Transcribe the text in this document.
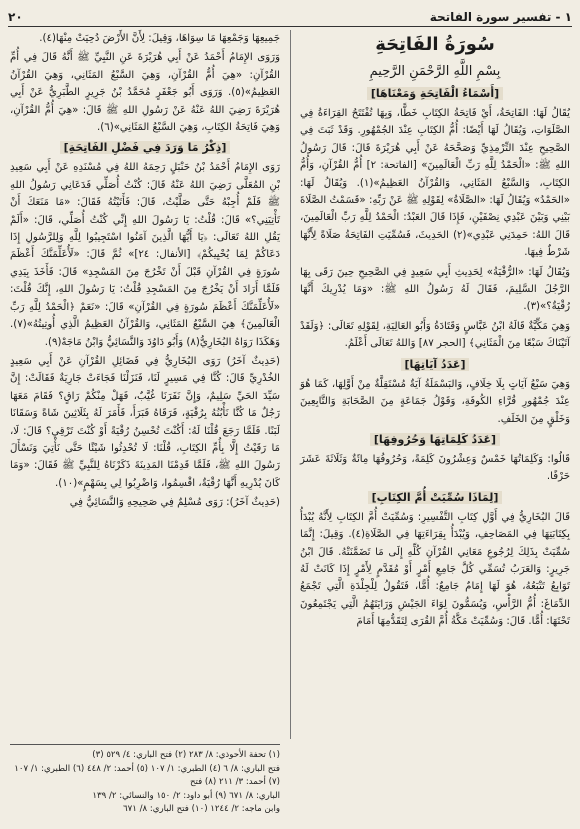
١ - تفسير سورة الفاتحة
٢٠
سُورَةُ الفَاتِحَةِ
بِسْمِ اللَّهِ الرَّحْمَنِ الرَّحِيمِ
[أَسْمَاءُ الْفَاتِحَةِ وَمَعْنَاهَا]

يُقَالُ لَهَا: الفَاتِحَةُ، أَيْ فَاتِحَةُ الكِتَابِ خَطًّا، وَبِهَا تُفْتَتَحُ القِرَاءَةُ فِي الصَّلَوَاتِ، وَيُقَالُ لَهَا أَيْضًا: أُمُّ الكِتَابِ عِنْدَ الجُمْهُورِ. وَقَدْ ثَبَتَ فِي الصَّحِيحِ عِنْدَ التِّرْمِذِيِّ وَصَحَّحَهُ عَنْ أَبِي هُرَيْرَةَ قَالَ: قَالَ رَسُولُ اللهِ ﷺ: «الْحَمْدُ لِلَّهِ رَبِّ الْعَالَمِينَ» [الفاتحة: ٢] أُمُّ القُرْآنِ، وَأُمُّ الكِتَابِ، وَالسَّبْعُ المَثَانِي، وَالقُرْآنُ العَظِيمُ»(١). وَيُقَالُ لَهَا: «الحَمْدُ» وَيُقَالُ لَهَا: «الصَّلَاةُ» لِقَوْلِهِ ﷺ عَنْ رَبِّهِ: «قَسَمْتُ الصَّلَاةَ بَيْنِي وَبَيْنَ عَبْدِي نِصْفَيْنِ، فَإِذَا قَالَ العَبْدُ: الْحَمْدُ لِلَّهِ رَبِّ الْعَالَمِينَ، قَالَ اللهُ: حَمِدَنِي عَبْدِي»(٢) الحَدِيثَ، فَسُمِّيَتِ الفَاتِحَةُ صَلَاةً لِأَنَّهَا شَرْطٌ فِيهَا.

وَيُقَالُ لَهَا: «الرُّقْيَةُ» لِحَدِيثِ أَبِي سَعِيدٍ فِي الصَّحِيحِ حِينَ رَقَى بِهَا الرَّجُلَ السَّلِيمَ، فَقَالَ لَهُ رَسُولُ اللهِ ﷺ: «وَمَا يُدْرِيكَ أَنَّهَا رُقْيَةٌ؟»(٣).

وَهِيَ مَكِّيَّةٌ قَالَهُ ابْنُ عَبَّاسٍ وَقَتَادَةُ وَأَبُو العَالِيَةِ، لِقَوْلِهِ تَعَالَى: ﴿وَلَقَدْ آتَيْنَاكَ سَبْعًا مِنَ الْمَثَانِي﴾ [الحجر ٨٧] وَاللهُ تَعَالَى أَعْلَمُ.

[عَدَدُ آيَاتِهَا]

وَهِيَ سَبْعُ آيَاتٍ بِلَا خِلَافٍ، وَالبَسْمَلَةُ آيَةٌ مُسْتَقِلَّةٌ مِنْ أَوَّلِهَا، كَمَا هُوَ عِنْدَ جُمْهُورِ قُرَّاءِ الكُوفَةِ، وَقَوْلُ جَمَاعَةٍ مِنَ الصَّحَابَةِ وَالتَّابِعِينَ وَخَلْقٍ مِنَ الخَلَفِ.

[عَدَدُ كَلِمَاتِهَا وَحُرُوفِهَا]

قَالُوا: وَكَلِمَاتُهَا خَمْسٌ وَعِشْرُونَ كَلِمَةً، وَحُرُوفُهَا مِائَةٌ وَثَلَاثَةَ عَشَرَ حَرْفًا.

[لِمَاذَا سُمِّيَتْ أُمَّ الكِتَابِ]

قَالَ البُخَارِيُّ فِي أَوَّلِ كِتَابِ التَّفْسِيرِ: وَسُمِّيَتْ أُمَّ الكِتَابِ لِأَنَّهُ يُبْدَأُ بِكِتَابَتِهَا فِي المَصَاحِفِ، وَيُبْدَأُ بِقِرَاءَتِهَا فِي الصَّلَاةِ(٤). وَقِيلَ: إِنَّمَا سُمِّيَتْ بِذَلِكَ لِرُجُوعِ مَعَانِي القُرْآنِ كُلِّهِ إِلَى مَا تَضَمَّنَتْهُ. قَالَ ابْنُ جَرِيرٍ: وَالعَرَبُ تُسَمِّي كُلَّ جَامِعِ أَمْرٍ أَوْ مُقَدَّمٍ لِأَمْرٍ إِذَا كَانَتْ لَهُ تَوَابِعُ تَتْبَعُهُ، هُوَ لَهَا إِمَامٌ جَامِعٌ: أُمًّا، فَتَقُولُ لِلْجِلْدَةِ الَّتِي تَجْمَعُ الدِّمَاغَ: أُمُّ الرَّأْسِ، وَيُسَمُّونَ لِوَاءَ الجَيْشِ وَرَايَتَهُمُ الَّتِي يَجْتَمِعُونَ تَحْتَهَا: أُمًّا. قَالَ: وَسُمِّيَتْ مَكَّةُ أُمَّ القُرَى لِتَقَدُّمِهَا أَمَامَ

جَمِيعِهَا وَجَمْعِهَا مَا سِوَاهَا، وَقِيلَ: لِأَنَّ الأَرْضَ دُحِيَتْ مِنْهَا(٤).

وَرَوَى الإِمَامُ أَحْمَدُ عَنْ أَبِي هُرَيْرَةَ عَنِ النَّبِيِّ ﷺ أَنَّهُ قَالَ فِي أُمِّ القُرْآنِ: «هِيَ أُمُّ القُرْآنِ، وَهِيَ السَّبْعُ المَثَانِي، وَهِيَ القُرْآنُ العَظِيمُ»(٥). وَرَوَى أَبُو جَعْفَرٍ مُحَمَّدُ بْنُ جَرِيرٍ الطَّبَرِيُّ عَنْ أَبِي هُرَيْرَةَ رَضِيَ اللهُ عَنْهُ عَنْ رَسُولِ اللهِ ﷺ قَالَ: «هِيَ أُمُّ القُرْآنِ، وَهِيَ فَاتِحَةُ الكِتَابِ، وَهِيَ السَّبْعُ المَثَانِي»(٦).

[ذِكْرُ مَا وَرَدَ فِي فَضْلِ الفَاتِحَةِ]

رَوَى الإِمَامُ أَحْمَدُ بْنُ حَنْبَلٍ رَحِمَهُ اللهُ فِي مُسْنَدِهِ عَنْ أَبِي سَعِيدِ بْنِ المُعَلَّى رَضِيَ اللهُ عَنْهُ قَالَ: كُنْتُ أُصَلِّي فَدَعَانِي رَسُولُ اللهِ ﷺ فَلَمْ أُجِبْهُ حَتَّى صَلَّيْتُ، قَالَ: فَأَتَيْتُهُ فَقَالَ: «مَا مَنَعَكَ أَنْ تَأْتِيَنِي؟» قَالَ: قُلْتُ: يَا رَسُولَ اللهِ إِنِّي كُنْتُ أُصَلِّي، قَالَ: «أَلَمْ يَقُلِ اللهُ تَعَالَى: ﴿يَا أَيُّهَا الَّذِينَ آمَنُوا اسْتَجِيبُوا لِلَّهِ وَلِلرَّسُولِ إِذَا دَعَاكُمْ لِمَا يُحْيِيكُمْ﴾ [الأنفال: ٢٤]» ثُمَّ قَالَ: «لَأُعَلِّمَنَّكَ أَعْظَمَ سُورَةٍ فِي القُرْآنِ قَبْلَ أَنْ تَخْرُجَ مِنَ المَسْجِدِ» قَالَ: فَأَخَذَ بِيَدِي فَلَمَّا أَرَادَ أَنْ يَخْرُجَ مِنَ المَسْجِدِ قُلْتُ: يَا رَسُولَ اللهِ، إِنَّكَ قُلْتَ: «لَأُعَلِّمَنَّكَ أَعْظَمَ سُورَةٍ فِي القُرْآنِ» قَالَ: «نَعَمْ ﴿الْحَمْدُ لِلَّهِ رَبِّ الْعَالَمِينَ﴾ هِيَ السَّبْعُ المَثَانِي، وَالقُرْآنُ العَظِيمُ الَّذِي أُوتِيتُهُ»(٧). وَهَكَذَا رَوَاهُ البُخَارِيُّ(٨) وَأَبُو دَاوُدَ وَالنَّسَائِيُّ وَابْنُ مَاجَهْ(٩).

(حَدِيثٌ آخَرُ) رَوَى البُخَارِيُّ فِي فَضَائِلِ القُرْآنِ عَنْ أَبِي سَعِيدٍ الخُدْرِيِّ قَالَ: كُنَّا فِي مَسِيرٍ لَنَا، فَنَزَلْنَا فَجَاءَتْ جَارِيَةٌ فَقَالَتْ: إِنَّ سَيِّدَ الحَيِّ سَلِيمٌ، وَإِنَّ نَفَرَنَا غُيَّبٌ، فَهَلْ مِنْكُمْ رَاقٍ؟ فَقَامَ مَعَهَا رَجُلٌ مَا كُنَّا نَأْبُنُهُ بِرُقْيَةٍ، فَرَقَاهُ فَبَرَأَ، فَأَمَرَ لَهُ بِثَلَاثِينَ شَاةً وَسَقَانَا لَبَنًا. فَلَمَّا رَجَعَ قُلْنَا لَهُ: أَكُنْتَ تُحْسِنُ رُقْيَةً أَوْ كُنْتَ تَرْقِي؟ قَالَ: لَا، مَا رَقَيْتُ إِلَّا بِأُمِّ الكِتَابِ، قُلْنَا: لَا تُحْدِثُوا شَيْئًا حَتَّى نَأْتِيَ وَنَسْأَلَ رَسُولَ اللهِ ﷺ، فَلَمَّا قَدِمْنَا المَدِينَةَ ذَكَرْنَاهُ لِلنَّبِيِّ ﷺ فَقَالَ: «وَمَا كَانَ يُدْرِيهِ أَنَّهَا رُقْيَةٌ، اقْسِمُوا، وَاضْرِبُوا لِي بِسَهْمٍ»(١٠).

(حَدِيثٌ آخَرُ): رَوَى مُسْلِمٌ فِي صَحِيحِهِ وَالنَّسَائِيُّ فِي

(١) تحفة الأحوذي: ٨/ ٢٨٣ (٢) فتح الباري: ٤/ ٥٢٩ (٣)
فتح الباري: ٨/ ٦ (٤) الطبري: ١/ ١٠٧ (٥) أحمد: ٢/ ٤٤٨ (٦) الطبري: ١/ ١٠٧ (٧) أحمد: ٣/ ٢١١ (٨) فتح
الباري: ٨/ ٦٧١ (٩) أبو داود: ٢/ ١٥٠ والنسائي: ٢/ ١٣٩
وابن ماجه: ٢/ ١٢٤٤ (١٠) فتح الباري: ٨/ ٦٧١
